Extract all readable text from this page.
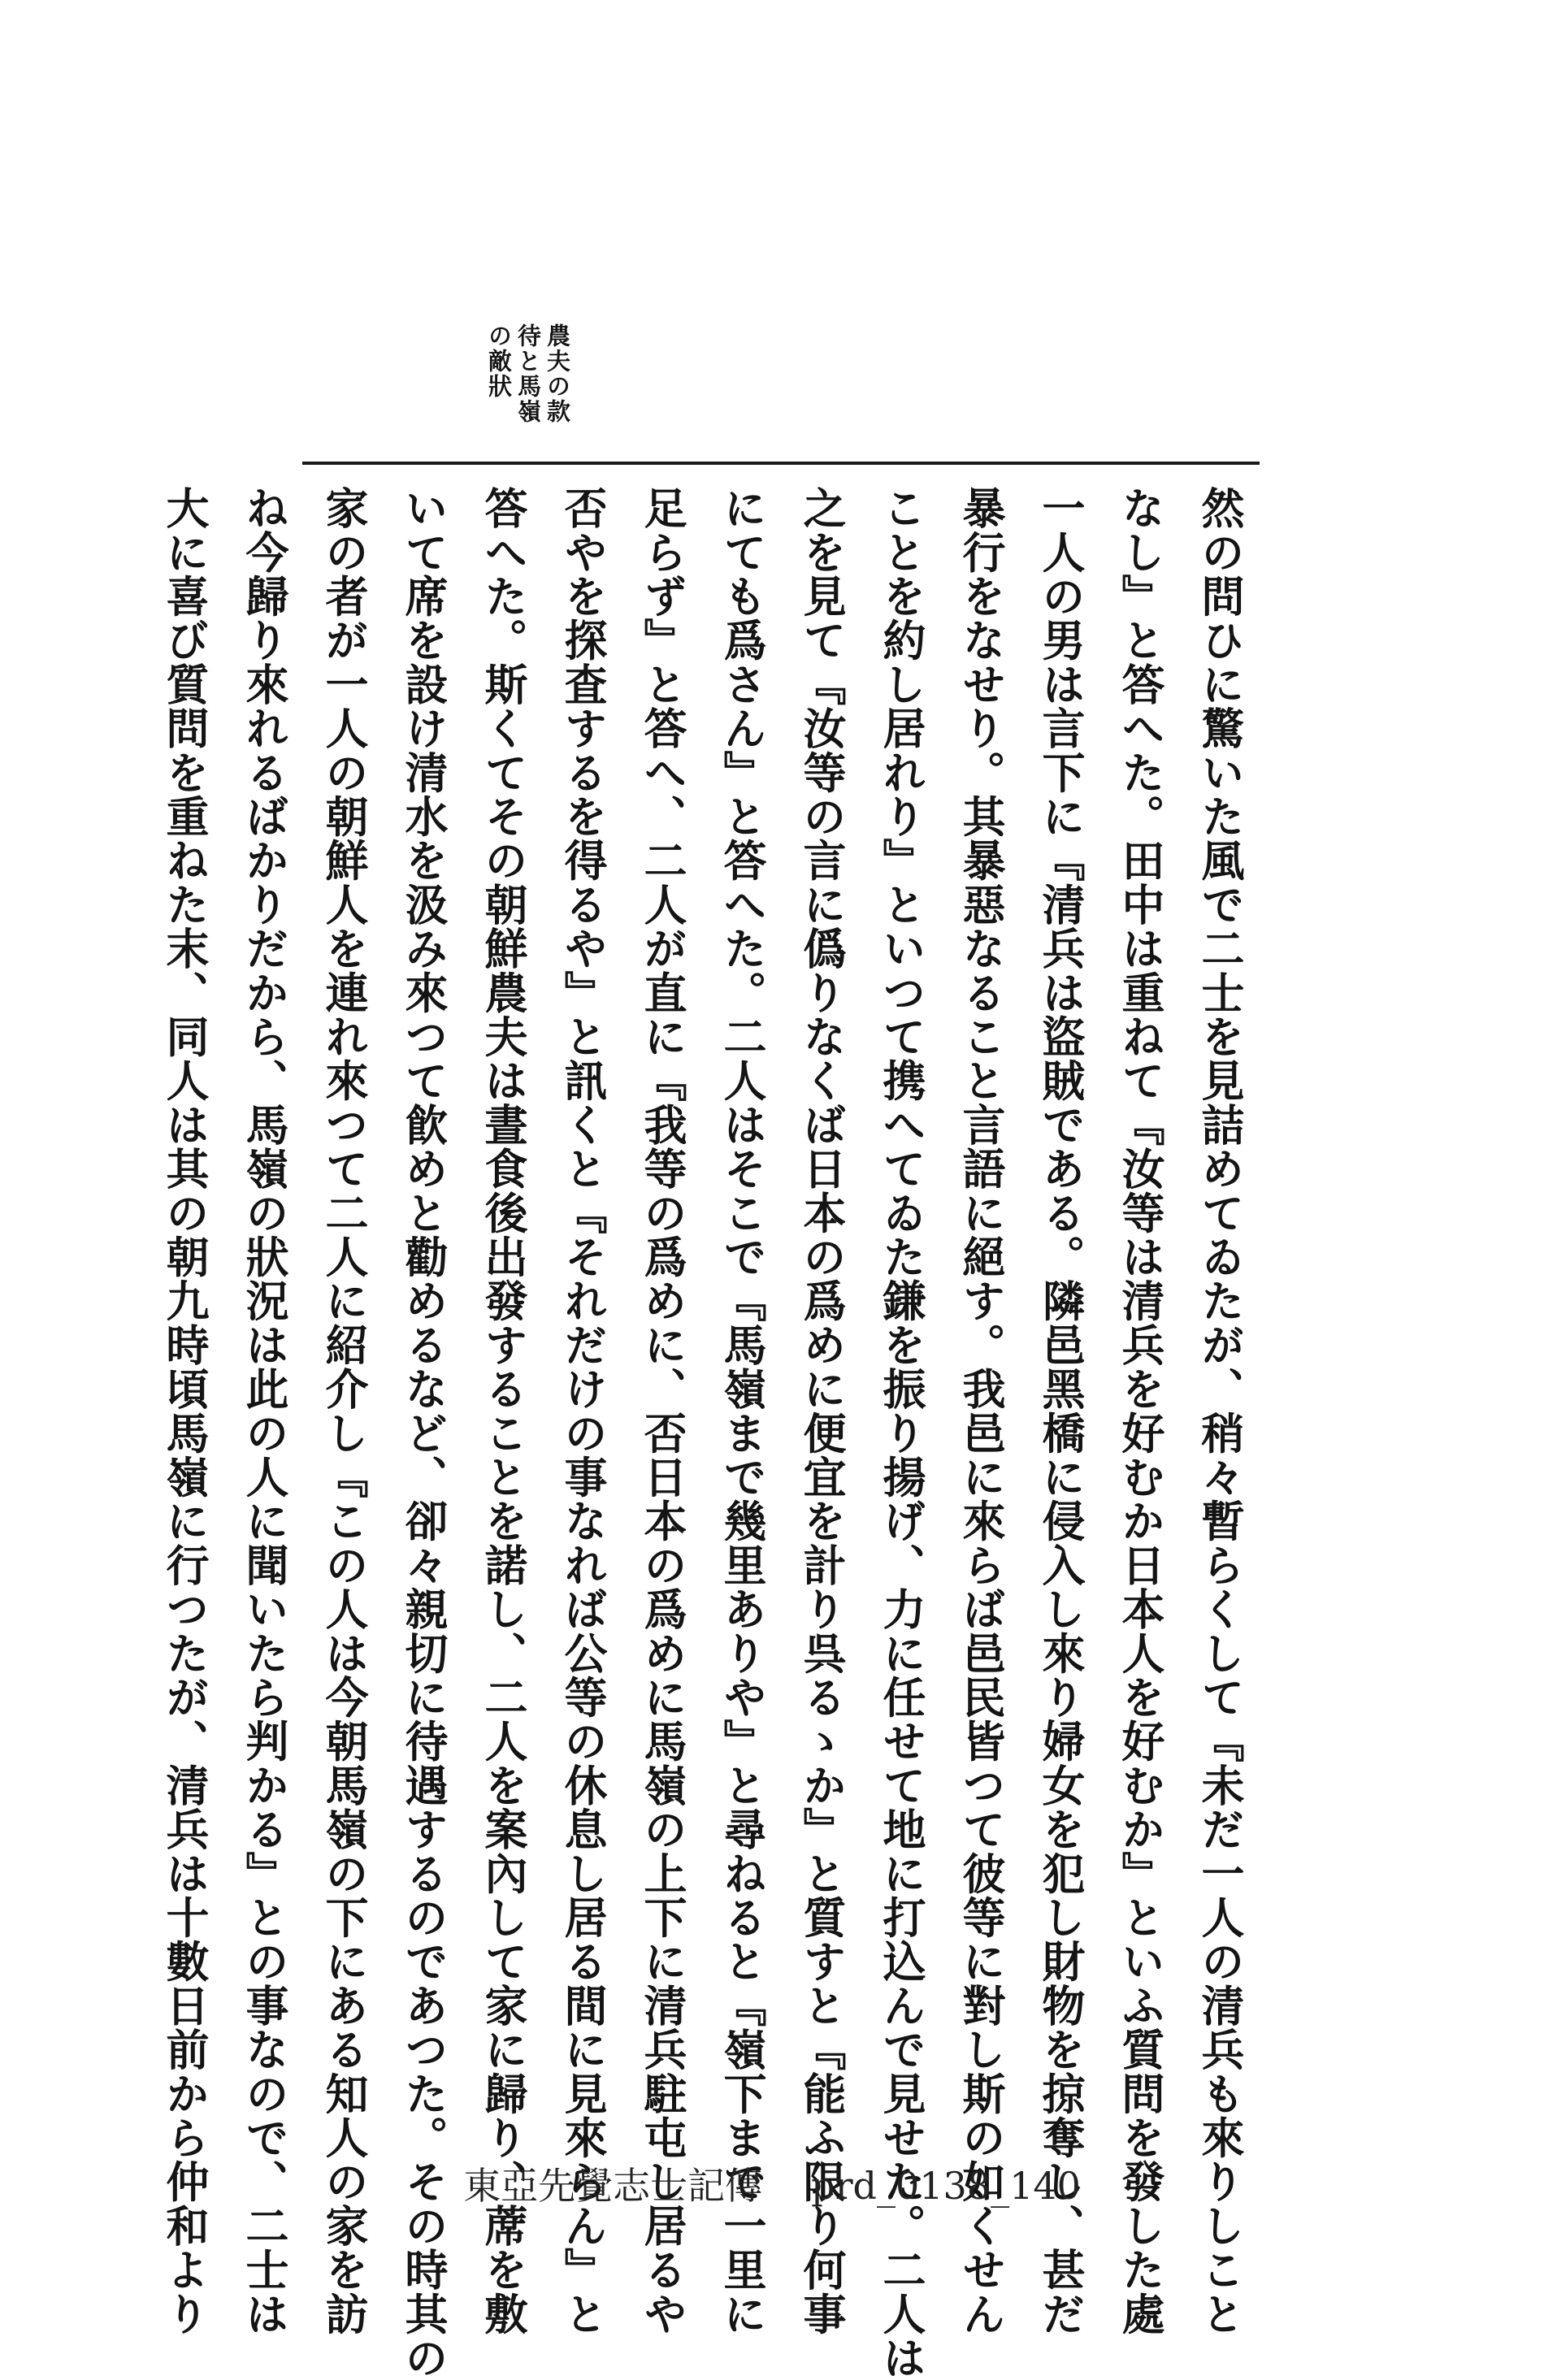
農夫の款
待と馬嶺
の敵狀
然の問ひに驚いた風で二士を見詰めてゐたが、稍々暫らくして『未だ一人の清兵も來りしこと
なし』と答へた。田中は重ねて『汝等は清兵を好むか日本人を好むか』といふ質問を發した處
一人の男は言下に『清兵は盜賊である。隣邑黑橋に侵入し來り婦女を犯し財物を掠奪し、甚だ
暴行をなせり。其暴惡なること言語に絕す。我邑に來らば邑民皆つて彼等に對し斯の如くせん
ことを約し居れり』といつて携へてゐた鎌を振り揚げ、力に任せて地に打込んで見せた。二人は
之を見て『汝等の言に僞りなくば日本の爲めに便宜を計り呉るゝか』と質すと『能ふ限り何事
にても爲さん』と答へた。二人はそこで『馬嶺まで幾里ありや』と尋ねると『嶺下まで一里に
足らず』と答へ、二人が直に『我等の爲めに、否日本の爲めに馬嶺の上下に清兵駐屯し居るや
否やを探査するを得るや』と訊くと『それだけの事なれば公等の休息し居る間に見來らん』と
答へた。斯くてその朝鮮農夫は晝食後出發することを諾し、二人を案內して家に歸り、蓆を敷
いて席を設け清水を汲み來つて飮めと勸めるなど、卻々親切に待遇するのであつた。その時其の
家の者が一人の朝鮮人を連れ來つて二人に紹介し『この人は今朝馬嶺の下にある知人の家を訪
ね今歸り來れるばかりだから、馬嶺の狀況は此の人に聞いたら判かる』との事なので、二士は
大に喜び質問を重ねた末、同人は其の朝九時頃馬嶺に行つたが、清兵は十數日前から仲和より	東亞先覺志士記傳 prd_0138_140
